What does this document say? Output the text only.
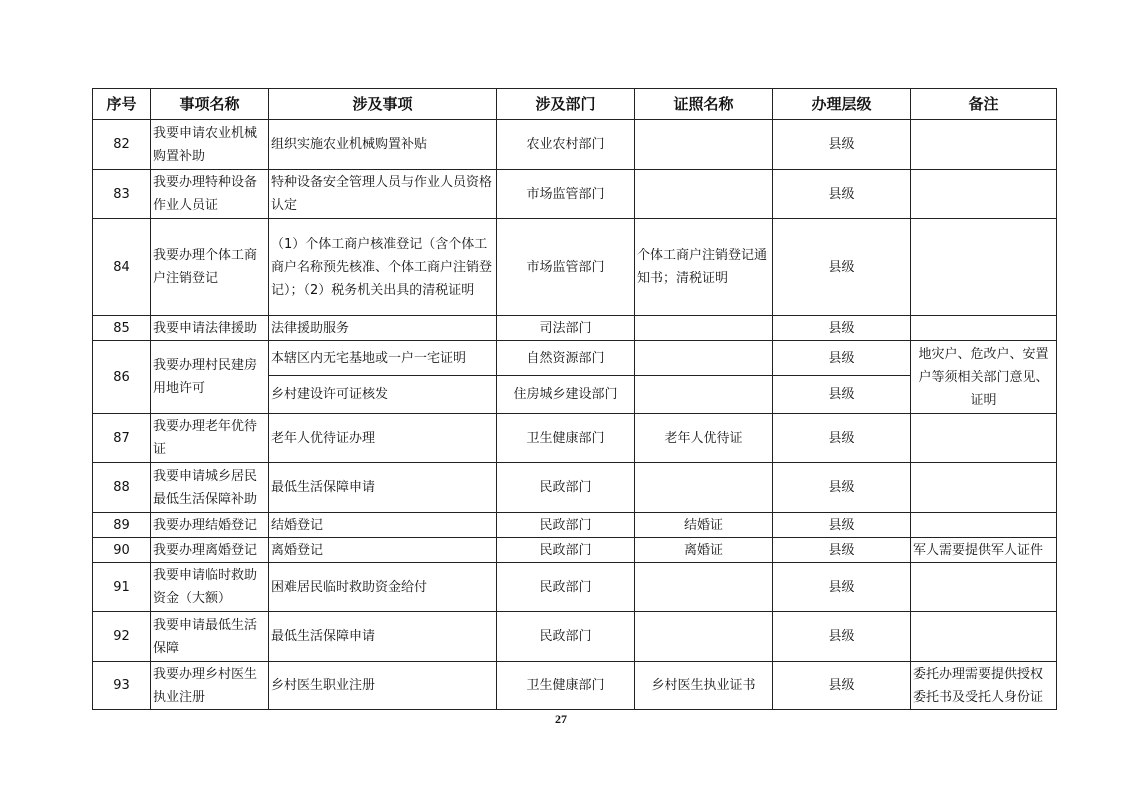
序号	事项名称	涉及事项	涉及部门	证照名称	办理层级	备注
82	我要申请农业机械购置补助	组织实施农业机械购置补贴	农业农村部门		县级	
83	我要办理特种设备作业人员证	特种设备安全管理人员与作业人员资格认定	市场监管部门		县级	
84	我要办理个体工商户注销登记	（1）个体工商户核准登记（含个体工商户名称预先核准、个体工商户注销登记）；（2）税务机关出具的清税证明	市场监管部门	个体工商户注销登记通知书；清税证明	县级	
85	我要申请法律援助	法律援助服务	司法部门		县级	
86	我要办理村民建房用地许可	本辖区内无宅基地或一户一宅证明	自然资源部门		县级	地灾户、危改户、安置户等须相关部门意见、证明
		乡村建设许可证核发	住房城乡建设部门		县级	
87	我要办理老年优待证	老年人优待证办理	卫生健康部门	老年人优待证	县级	
88	我要申请城乡居民最低生活保障补助	最低生活保障申请	民政部门		县级	
89	我要办理结婚登记	结婚登记	民政部门	结婚证	县级	
90	我要办理离婚登记	离婚登记	民政部门	离婚证	县级	军人需要提供军人证件
91	我要申请临时救助资金（大额）	困难居民临时救助资金给付	民政部门		县级	
92	我要申请最低生活保障	最低生活保障申请	民政部门		县级	
93	我要办理乡村医生执业注册	乡村医生职业注册	卫生健康部门	乡村医生执业证书	县级	委托办理需要提供授权委托书及受托人身份证
27
